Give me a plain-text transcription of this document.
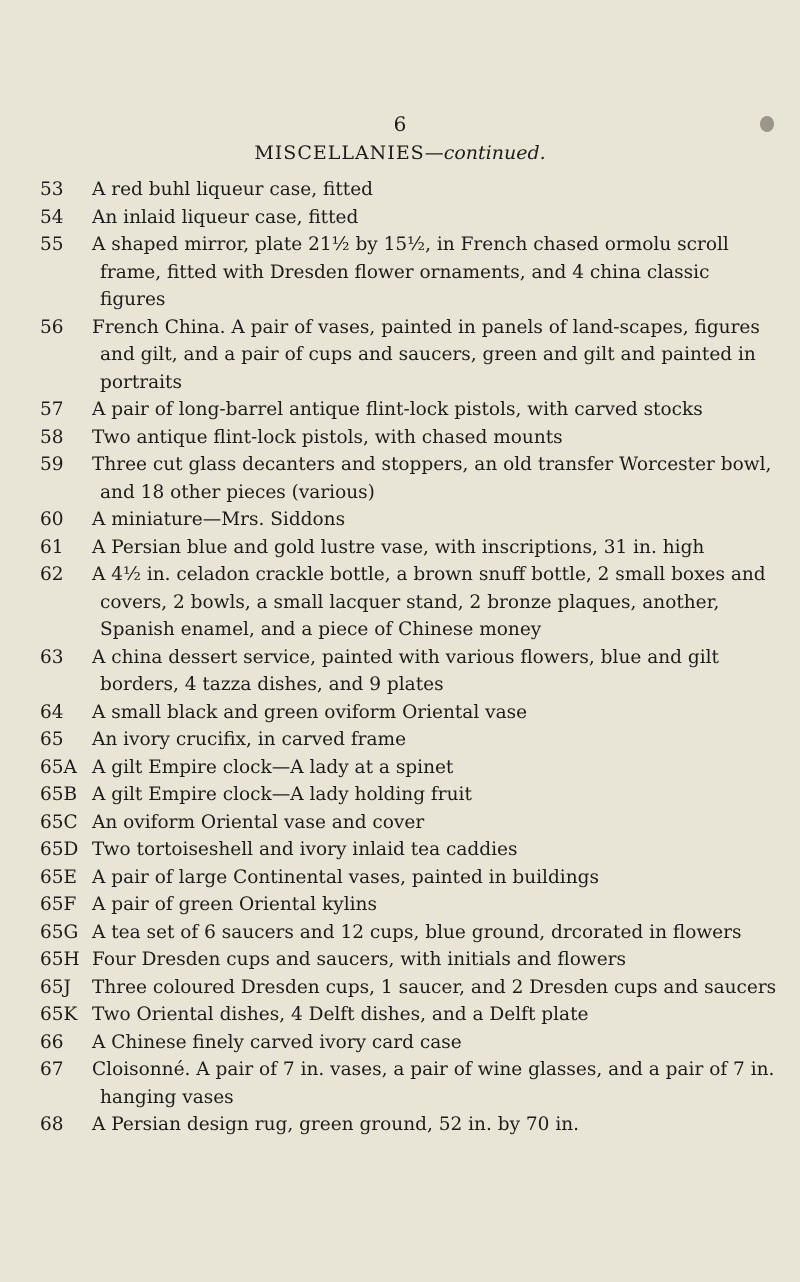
6
MISCELLANIES—continued.
53	A red buhl liqueur case, fitted
54	An inlaid liqueur case, fitted
55	A shaped mirror, plate 21½ by 15½, in French chased ormolu scroll frame, fitted with Dresden flower ornaments, and 4 china classic figures
56	French China. A pair of vases, painted in panels of land-scapes, figures and gilt, and a pair of cups and saucers, green and gilt and painted in portraits
57	A pair of long-barrel antique flint-lock pistols, with carved stocks
58	Two antique flint-lock pistols, with chased mounts
59	Three cut glass decanters and stoppers, an old transfer Worcester bowl, and 18 other pieces (various)
60	A miniature—Mrs. Siddons
61	A Persian blue and gold lustre vase, with inscriptions, 31 in. high
62	A 4½ in. celadon crackle bottle, a brown snuff bottle, 2 small boxes and covers, 2 bowls, a small lacquer stand, 2 bronze plaques, another, Spanish enamel, and a piece of Chinese money
63	A china dessert service, painted with various flowers, blue and gilt borders, 4 tazza dishes, and 9 plates
64	A small black and green oviform Oriental vase
65	An ivory crucifix, in carved frame
65A A gilt Empire clock—A lady at a spinet
65B A gilt Empire clock—A lady holding fruit
65C An oviform Oriental vase and cover
65D Two tortoiseshell and ivory inlaid tea caddies
65E A pair of large Continental vases, painted in buildings
65F A pair of green Oriental kylins
65G A tea set of 6 saucers and 12 cups, blue ground, drcorated in flowers
65H Four Dresden cups and saucers, with initials and flowers
65J	Three coloured Dresden cups, 1 saucer, and 2 Dresden cups and saucers
65K Two Oriental dishes, 4 Delft dishes, and a Delft plate
66	A Chinese finely carved ivory card case
67	Cloisonné. A pair of 7 in. vases, a pair of wine glasses, and a pair of 7 in. hanging vases
68	A Persian design rug, green ground, 52 in. by 70 in.
